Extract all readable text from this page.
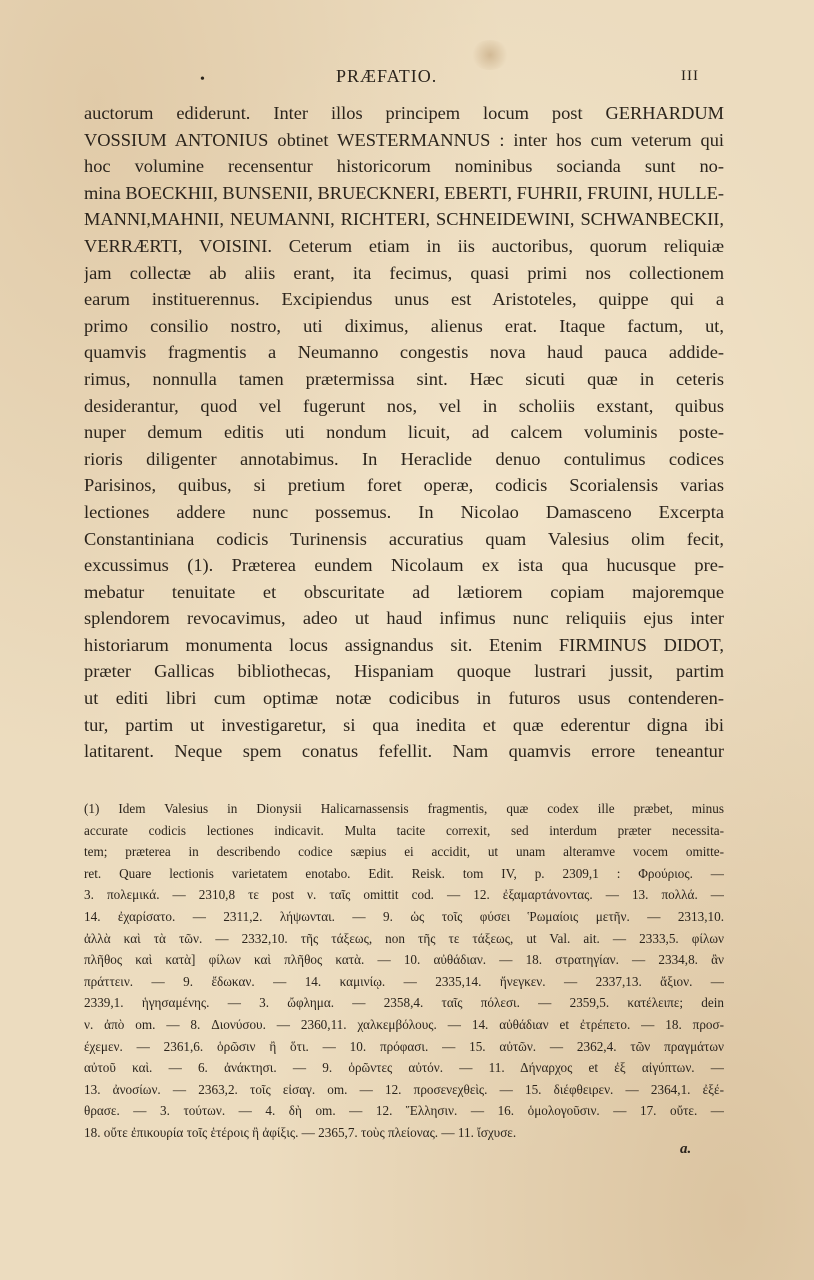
•	PRÆFATIO.	III
auctorum ediderunt. Inter illos principem locum post GERHARDUM
VOSSIUM ANTONIUS obtinet WESTERMANNUS : inter hos cum veterum qui
hoc volumine recensentur historicorum nominibus socianda sunt no-
mina BOECKHII, BUNSENII, BRUECKNERI, EBERTI, FUHRII, FRUINI, HULLE-
MANNI,MAHNII, NEUMANNI, RICHTERI, SCHNEIDEWINI, SCHWANBECKII,
VERRÆRTI, VOISINI. Ceterum etiam in iis auctoribus, quorum reliquiæ
jam collectæ ab aliis erant, ita fecimus, quasi primi nos collectionem
earum instituerennus. Excipiendus unus est Aristoteles, quippe qui a
primo consilio nostro, uti diximus, alienus erat. Itaque factum, ut,
quamvis fragmentis a Neumanno congestis nova haud pauca addide-
rimus, nonnulla tamen prætermissa sint. Hæc sicuti quæ in ceteris
desiderantur, quod vel fugerunt nos, vel in scholiis exstant, quibus
nuper demum editis uti nondum licuit, ad calcem voluminis poste-
rioris diligenter annotabimus. In Heraclide denuo contulimus codices
Parisinos, quibus, si pretium foret operæ, codicis Scorialensis varias
lectiones addere nunc possemus. In Nicolao Damasceno Excerpta
Constantiniana codicis Turinensis accuratius quam Valesius olim fecit,
excussimus (1). Præterea eundem Nicolaum ex ista qua hucusque pre-
mebatur tenuitate et obscuritate ad lætiorem copiam majoremque
splendorem revocavimus, adeo ut haud infimus nunc reliquiis ejus inter
historiarum monumenta locus assignandus sit. Etenim FIRMINUS DIDOT,
præter Gallicas bibliothecas, Hispaniam quoque lustrari jussit, partim
ut editi libri cum optimæ notæ codicibus in futuros usus contenderen-
tur, partim ut investigaretur, si qua inedita et quæ ederentur digna ibi
latitarent. Neque spem conatus fefellit. Nam quamvis errore teneantur
(1) Idem Valesius in Dionysii Halicarnassensis fragmentis, quæ codex ille præbet, minus
accurate codicis lectiones indicavit. Multa tacite correxit, sed interdum præter necessita-
tem; præterea in describendo codice sæpius ei accidit, ut unam alteramve vocem omitte-
ret. Quare lectionis varietatem enotabo. Edit. Reisk. tom IV, p. 2309,1 : Φρούριος. —
3. πολεμικά. — 2310,8 τε post ν. ταῖς omittit cod. — 12. ἐξαμαρτάνοντας. — 13. πολλά. —
14. ἐχαρίσατο. — 2311,2. λήψωνται. — 9. ὡς τοῖς φύσει Ῥωμαίοις μετῆν. — 2313,10.
ἀλλὰ καὶ τὰ τῶν. — 2332,10. τῆς τάξεως, non τῆς τε τάξεως, ut Val. ait. — 2333,5. φίλων
πλῆθος καὶ κατὰ] φίλων καὶ πλῆθος κατὰ. — 10. αὐθάδιαν. — 18. στρατηγίαν. — 2334,8. ἂν
πράττειν. — 9. ἔδωκαν. — 14. καμινίῳ. — 2335,14. ἤνεγκεν. — 2337,13. ἄξιον. —
2339,1. ἡγησαμένης. — 3. ὤφλημα. — 2358,4. ταῖς πόλεσι. — 2359,5. κατέλειπε; dein
ν. ἀπὸ om. — 8. Διονύσου. — 2360,11. χαλκεμβόλους. — 14. αὐθάδιαν et ἐτρέπετο. — 18. προσ-
έχεμεν. — 2361,6. ὁρῶσιν ἢ ὅτι. — 10. πρόφασι. — 15. αὐτῶν. — 2362,4. τῶν πραγμάτων
αὐτοῦ καὶ. — 6. ἀνάκτησι. — 9. ὁρῶντες αὐτόν. — 11. Δήναρχος et ἐξ αἰγύπτων. —
13. ἀνοσίων. — 2363,2. τοῖς εἰσαγ. om. — 12. προσενεχθεὶς. — 15. διέφθειρεν. — 2364,1. ἐξέ-
θρασε. — 3. τούτων. — 4. δὴ om. — 12. Ἕλλησιν. — 16. ὁμολογοῦσιν. — 17. οὔτε. —
18. οὔτε ἐπικουρία τοῖς ἑτέροις ἢ ἀφίξις. — 2365,7. τοὺς πλείονας. — 11. ἴσχυσε.
a.
